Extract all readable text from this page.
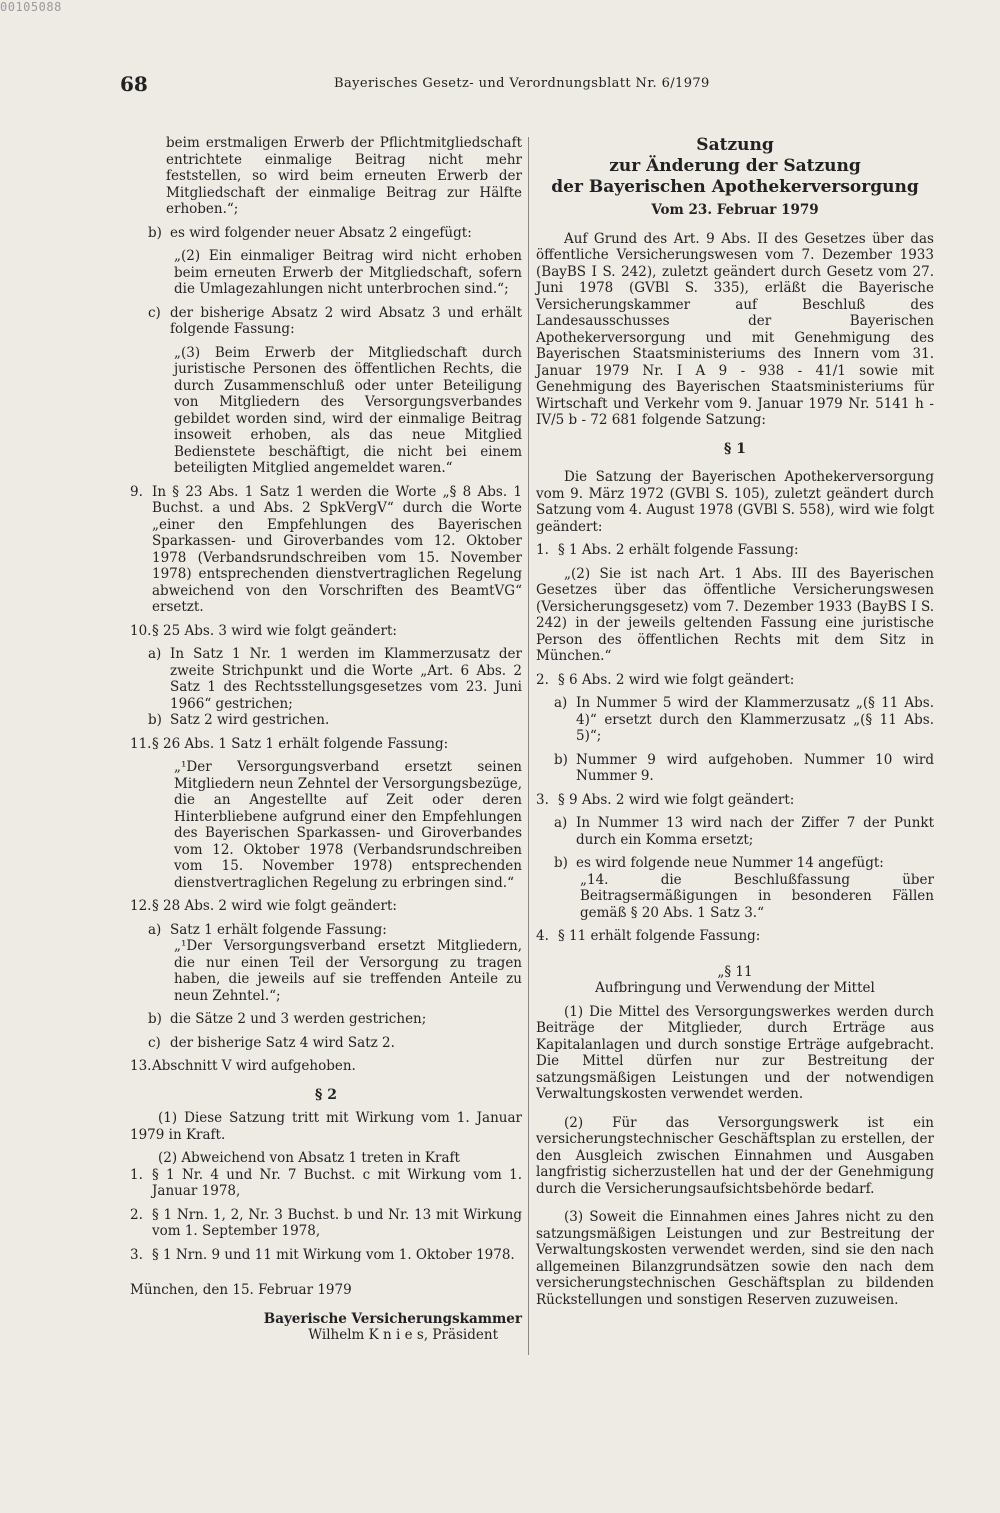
00105088
68	Bayerisches Gesetz- und Verordnungsblatt Nr. 6/1979

beim erstmaligen Erwerb der Pflichtmitgliedschaft entrichtete einmalige Beitrag nicht mehr feststellen, so wird beim erneuten Erwerb der Mitgliedschaft der einmalige Beitrag zur Hälfte erhoben.“;

b) es wird folgender neuer Absatz 2 eingefügt:

„(2) Ein einmaliger Beitrag wird nicht erhoben beim erneuten Erwerb der Mitgliedschaft, sofern die Umlagezahlungen nicht unterbrochen sind.“;

c) der bisherige Absatz 2 wird Absatz 3 und erhält folgende Fassung:

„(3) Beim Erwerb der Mitgliedschaft durch juristische Personen des öffentlichen Rechts, die durch Zusammenschluß oder unter Beteiligung von Mitgliedern des Versorgungsverbandes gebildet worden sind, wird der einmalige Beitrag insoweit erhoben, als das neue Mitglied Bedienstete beschäftigt, die nicht bei einem beteiligten Mitglied angemeldet waren.“

9. In § 23 Abs. 1 Satz 1 werden die Worte „§ 8 Abs. 1 Buchst. a und Abs. 2 SpkVergV“ durch die Worte „einer den Empfehlungen des Bayerischen Sparkassen- und Giroverbandes vom 12. Oktober 1978 (Verbandsrundschreiben vom 15. November 1978) entsprechenden dienstvertraglichen Regelung abweichend von den Vorschriften des BeamtVG“ ersetzt.

10. § 25 Abs. 3 wird wie folgt geändert:

a) In Satz 1 Nr. 1 werden im Klammerzusatz der zweite Strichpunkt und die Worte „Art. 6 Abs. 2 Satz 1 des Rechtsstellungsgesetzes vom 23. Juni 1966“ gestrichen;

b) Satz 2 wird gestrichen.

11. § 26 Abs. 1 Satz 1 erhält folgende Fassung:

„¹Der Versorgungsverband ersetzt seinen Mitgliedern neun Zehntel der Versorgungsbezüge, die an Angestellte auf Zeit oder deren Hinterbliebene aufgrund einer den Empfehlungen des Bayerischen Sparkassen- und Giroverbandes vom 12. Oktober 1978 (Verbandsrundschreiben vom 15. November 1978) entsprechenden dienstvertraglichen Regelung zu erbringen sind.“

12. § 28 Abs. 2 wird wie folgt geändert:

a) Satz 1 erhält folgende Fassung:

„¹Der Versorgungsverband ersetzt Mitgliedern, die nur einen Teil der Versorgung zu tragen haben, die jeweils auf sie treffenden Anteile zu neun Zehntel.“;

b) die Sätze 2 und 3 werden gestrichen;

c) der bisherige Satz 4 wird Satz 2.

13. Abschnitt V wird aufgehoben.

§ 2

(1) Diese Satzung tritt mit Wirkung vom 1. Januar 1979 in Kraft.

(2) Abweichend von Absatz 1 treten in Kraft

1. § 1 Nr. 4 und Nr. 7 Buchst. c mit Wirkung vom 1. Januar 1978,

2. § 1 Nrn. 1, 2, Nr. 3 Buchst. b und Nr. 13 mit Wirkung vom 1. September 1978,

3. § 1 Nrn. 9 und 11 mit Wirkung vom 1. Oktober 1978.

München, den 15. Februar 1979

Bayerische Versicherungskammer

Wilhelm K n i e s, Präsident

Satzung

zur Änderung der Satzung

der Bayerischen Apothekerversorgung

Vom 23. Februar 1979

Auf Grund des Art. 9 Abs. II des Gesetzes über das öffentliche Versicherungswesen vom 7. Dezember 1933 (BayBS I S. 242), zuletzt geändert durch Gesetz vom 27. Juni 1978 (GVBl S. 335), erläßt die Bayerische Versicherungskammer auf Beschluß des Landesausschusses der Bayerischen Apothekerversorgung und mit Genehmigung des Bayerischen Staatsministeriums des Innern vom 31. Januar 1979 Nr. I A 9 - 938 - 41/1 sowie mit Genehmigung des Bayerischen Staatsministeriums für Wirtschaft und Verkehr vom 9. Januar 1979 Nr. 5141 h - IV/5 b - 72 681 folgende Satzung:

§ 1

Die Satzung der Bayerischen Apothekerversorgung vom 9. März 1972 (GVBl S. 105), zuletzt geändert durch Satzung vom 4. August 1978 (GVBl S. 558), wird wie folgt geändert:

1. § 1 Abs. 2 erhält folgende Fassung:

„(2) Sie ist nach Art. 1 Abs. III des Bayerischen Gesetzes über das öffentliche Versicherungswesen (Versicherungsgesetz) vom 7. Dezember 1933 (BayBS I S. 242) in der jeweils geltenden Fassung eine juristische Person des öffentlichen Rechts mit dem Sitz in München.“

2. § 6 Abs. 2 wird wie folgt geändert:

a) In Nummer 5 wird der Klammerzusatz „(§ 11 Abs. 4)“ ersetzt durch den Klammerzusatz „(§ 11 Abs. 5)“;

b) Nummer 9 wird aufgehoben. Nummer 10 wird Nummer 9.

3. § 9 Abs. 2 wird wie folgt geändert:

a) In Nummer 13 wird nach der Ziffer 7 der Punkt durch ein Komma ersetzt;

b) es wird folgende neue Nummer 14 angefügt:

„14. die Beschlußfassung über Beitragsermäßigungen in besonderen Fällen gemäß § 20 Abs. 1 Satz 3.“

4. § 11 erhält folgende Fassung:

„§ 11

Aufbringung und Verwendung der Mittel

(1) Die Mittel des Versorgungswerkes werden durch Beiträge der Mitglieder, durch Erträge aus Kapitalanlagen und durch sonstige Erträge aufgebracht. Die Mittel dürfen nur zur Bestreitung der satzungsmäßigen Leistungen und der notwendigen Verwaltungskosten verwendet werden.

(2) Für das Versorgungswerk ist ein versicherungstechnischer Geschäftsplan zu erstellen, der den Ausgleich zwischen Einnahmen und Ausgaben langfristig sicherzustellen hat und der der Genehmigung durch die Versicherungsaufsichtsbehörde bedarf.

(3) Soweit die Einnahmen eines Jahres nicht zu den satzungsmäßigen Leistungen und zur Bestreitung der Verwaltungskosten verwendet werden, sind sie den nach allgemeinen Bilanzgrundsätzen sowie den nach dem versicherungstechnischen Geschäftsplan zu bildenden Rückstellungen und sonstigen Reserven zuzuweisen.
